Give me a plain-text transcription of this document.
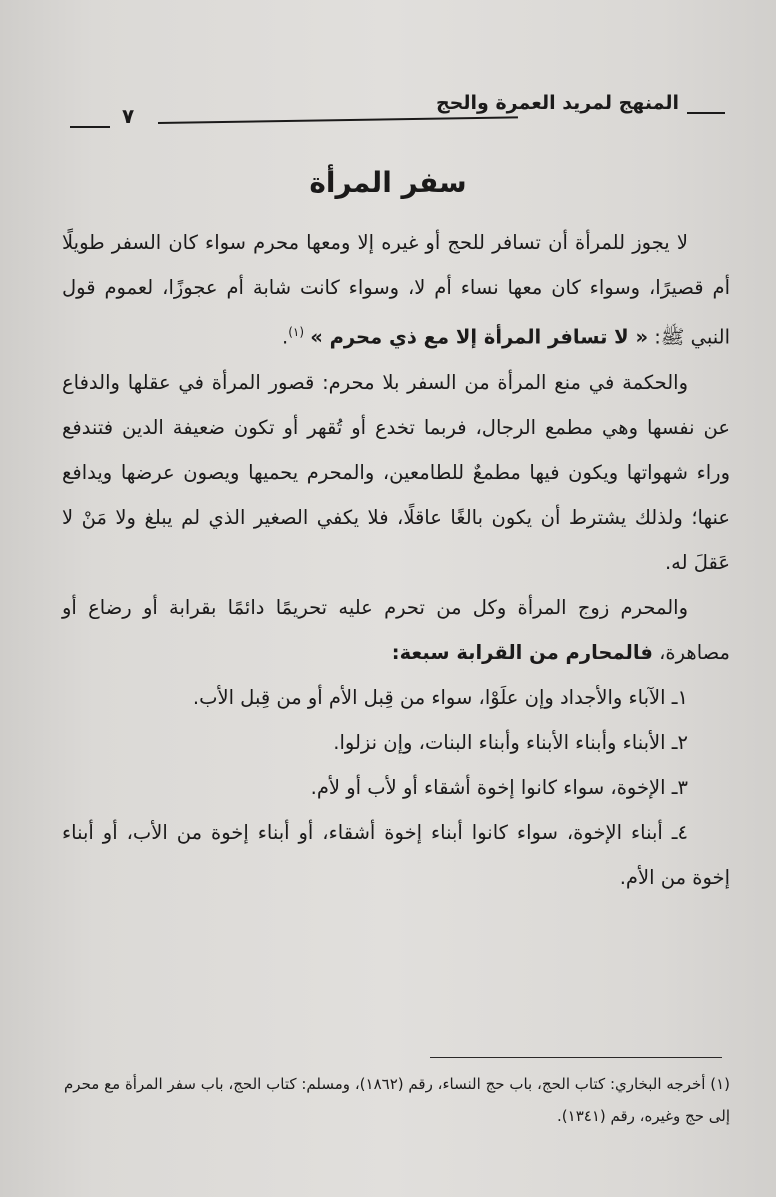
المنهج لمريد العمرة والحج
٧
سفر المرأة

لا يجوز للمرأة أن تسافر للحج أو غيره إلا ومعها محرم سواء كان السفر طويلًا أم قصيرًا، وسواء كان معها نساء أم لا، وسواء كانت شابة أم عجوزًا، لعموم قول النبي ﷺ: « لا تسافر المرأة إلا مع ذي محرم » $^{(١)}$.

والحكمة في منع المرأة من السفر بلا محرم: قصور المرأة في عقلها والدفاع عن نفسها وهي مطمع الرجال، فربما تخدع أو تُقهر أو تكون ضعيفة الدين فتندفع وراء شهواتها ويكون فيها مطمعٌ للطامعين، والمحرم يحميها ويصون عرضها ويدافع عنها؛ ولذلك يشترط أن يكون بالغًا عاقلًا، فلا يكفي الصغير الذي لم يبلغ ولا مَنْ لا عَقلَ له.

والمحرم زوج المرأة وكل من تحرم عليه تحريمًا دائمًا بقرابة أو رضاع أو مصاهرة، فالمحارم من القرابة سبعة:

١ـ الآباء والأجداد وإن علَوْا، سواء من قِبل الأم أو من قِبل الأب.

٢ـ الأبناء وأبناء الأبناء وأبناء البنات، وإن نزلوا.

٣ـ الإخوة، سواء كانوا إخوة أشقاء أو لأب أو لأم.

٤ـ أبناء الإخوة، سواء كانوا أبناء إخوة أشقاء، أو أبناء إخوة من الأب، أو أبناء إخوة من الأم.

(١) أخرجه البخاري: كتاب الحج، باب حج النساء، رقم (١٨٦٢)، ومسلم: كتاب الحج، باب سفر المرأة مع محرم إلى حج وغيره، رقم (١٣٤١).
